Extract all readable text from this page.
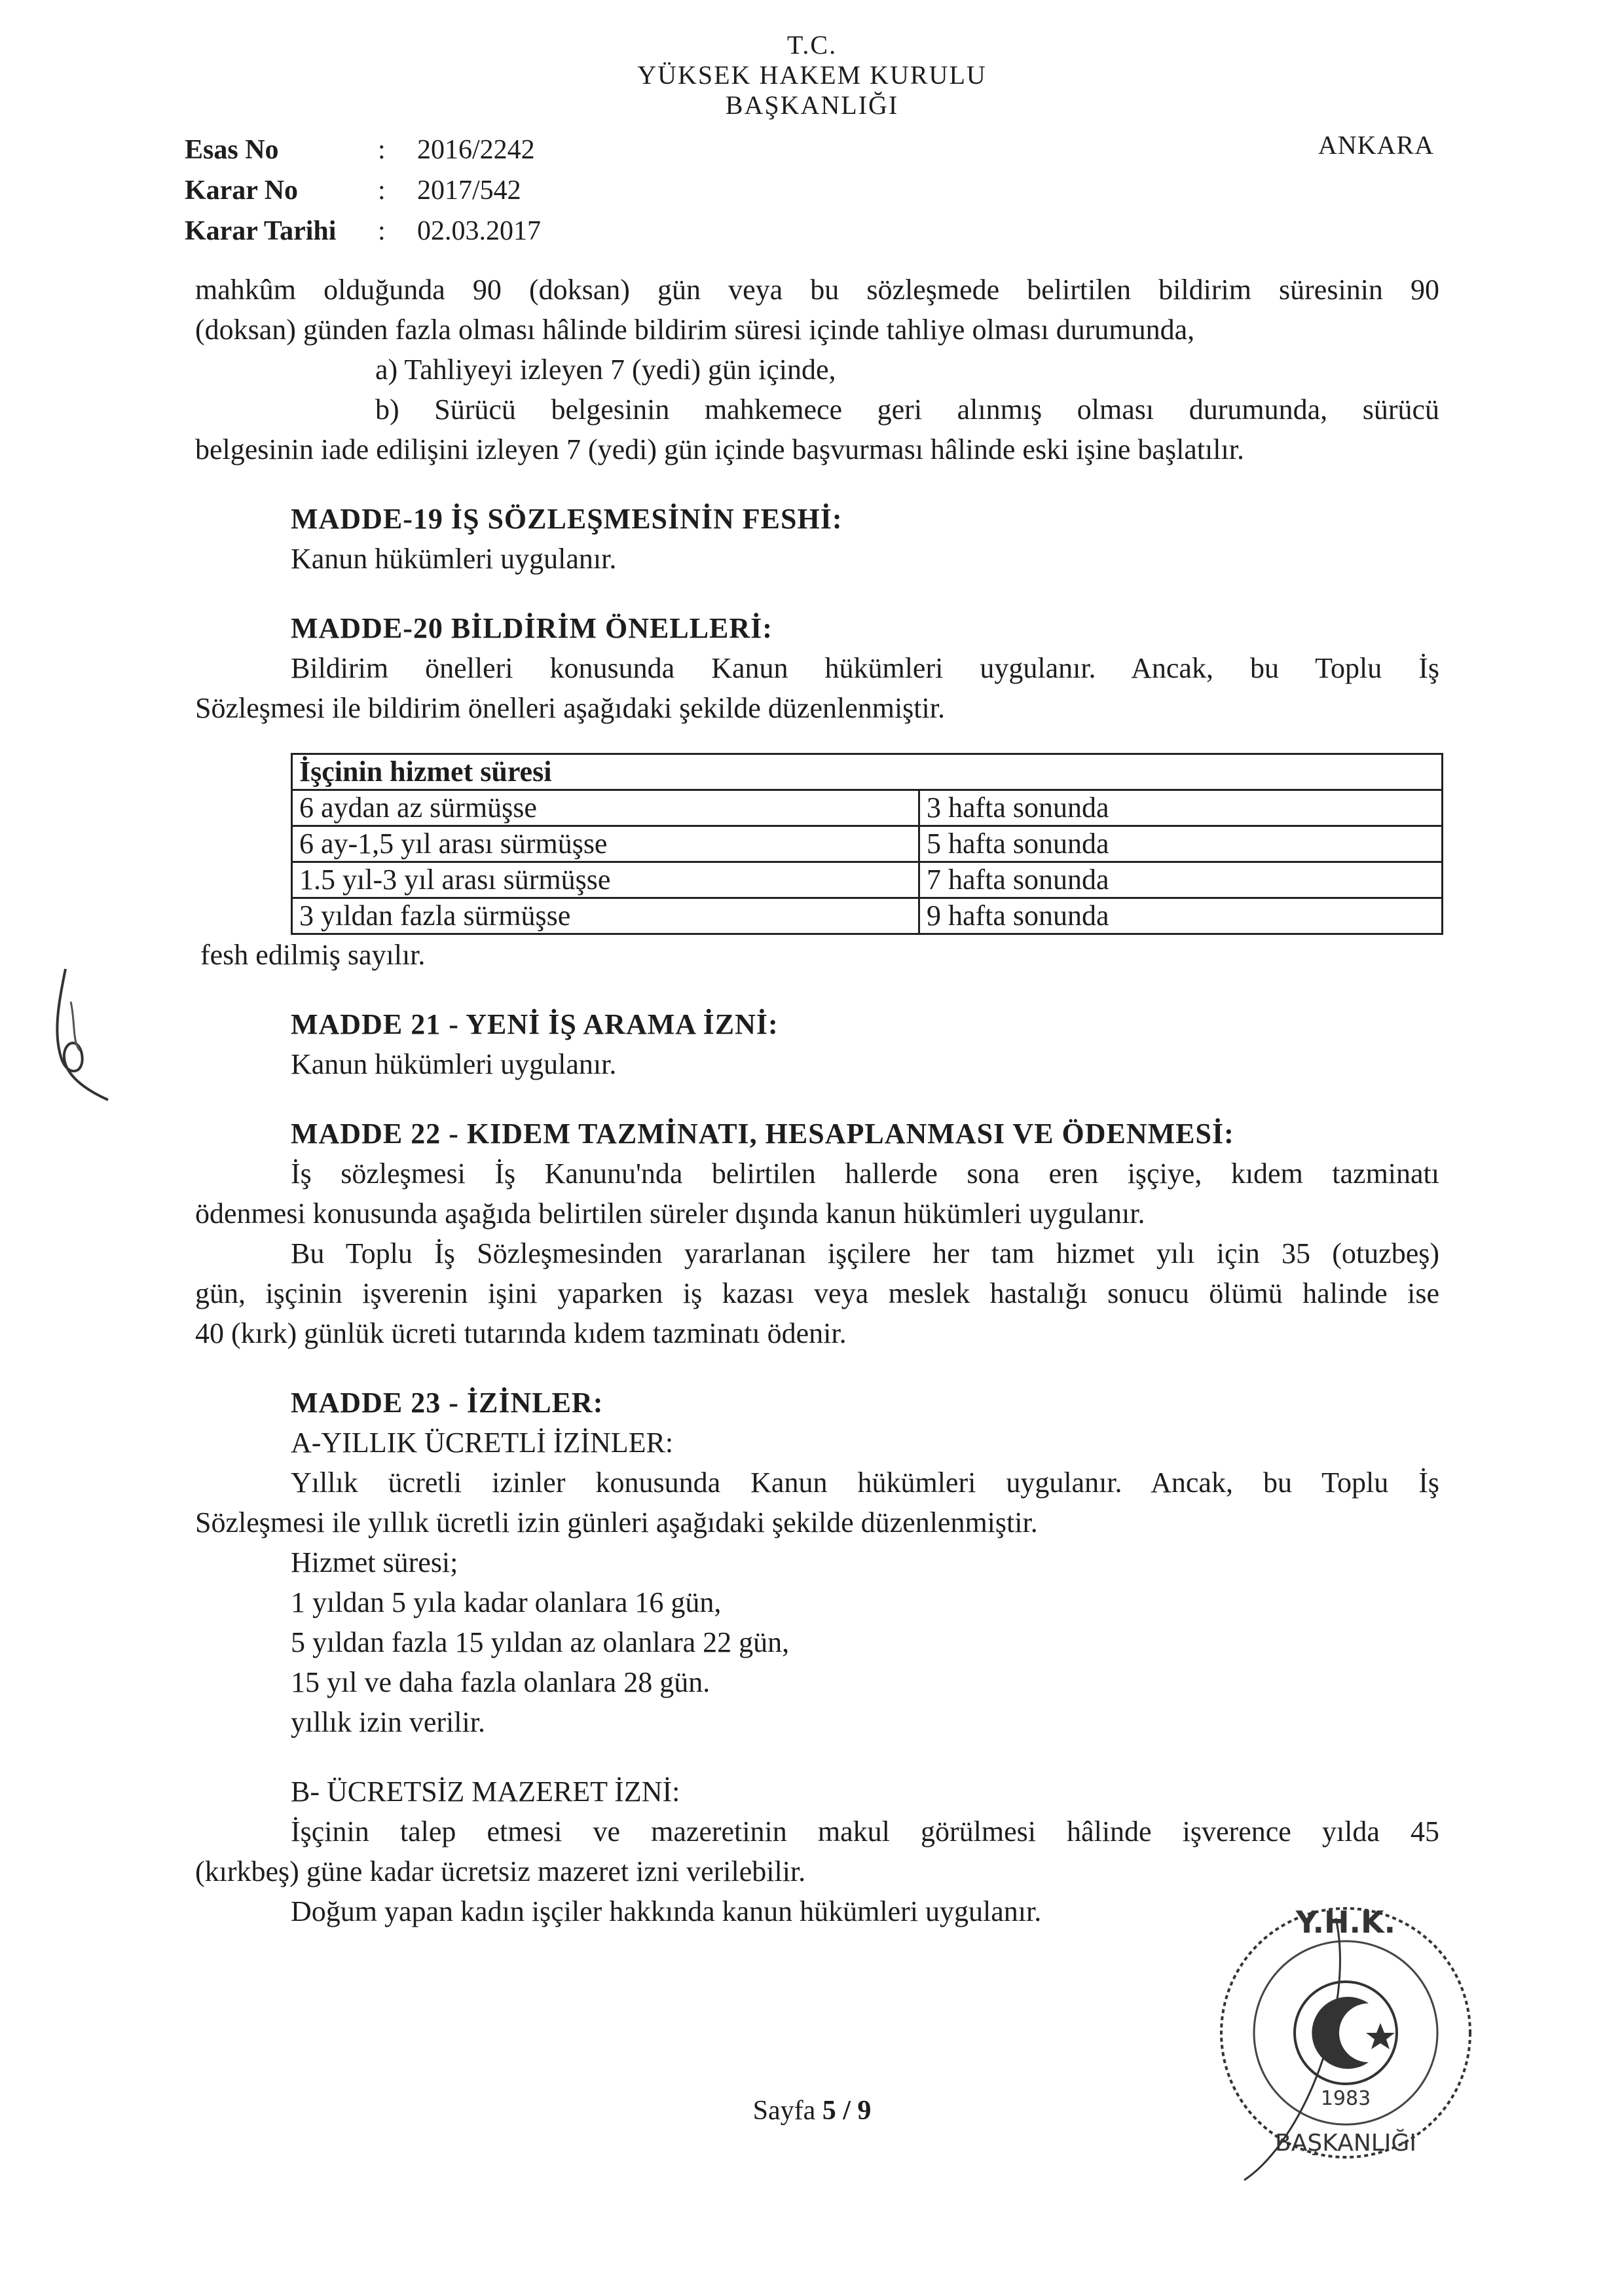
T.C.
YÜKSEK HAKEM KURULU
BAŞKANLIĞI
ANKARA
Esas No	:	2016/2242
Karar No	:	2017/542
Karar Tarihi	:	02.03.2017
mahkûm olduğunda 90 (doksan) gün veya bu sözleşmede belirtilen bildirim süresinin 90
(doksan) günden fazla olması hâlinde bildirim süresi içinde tahliye olması durumunda,
a) Tahliyeyi izleyen 7 (yedi) gün içinde,
b) Sürücü belgesinin mahkemece geri alınmış olması durumunda, sürücü
belgesinin iade edilişini izleyen 7 (yedi) gün içinde başvurması hâlinde eski işine başlatılır.
MADDE-19 İŞ SÖZLEŞMESİNİN FESHİ:
Kanun hükümleri uygulanır.
MADDE-20 BİLDİRİM ÖNELLERİ:
Bildirim önelleri konusunda Kanun hükümleri uygulanır. Ancak, bu Toplu İş
Sözleşmesi ile bildirim önelleri aşağıdaki şekilde düzenlenmiştir.
İşçinin hizmet süresi	
6 aydan az sürmüşse	3 hafta sonunda
6 ay-1,5 yıl arası sürmüşse	5 hafta sonunda
1.5 yıl-3 yıl arası sürmüşse	7 hafta sonunda
3 yıldan fazla sürmüşse	9 hafta sonunda
fesh edilmiş sayılır.
MADDE 21 - YENİ İŞ ARAMA İZNİ:
Kanun hükümleri uygulanır.
MADDE 22 - KIDEM TAZMİNATI, HESAPLANMASI VE ÖDENMESİ:
İş sözleşmesi İş Kanunu'nda belirtilen hallerde sona eren işçiye, kıdem tazminatı
ödenmesi konusunda aşağıda belirtilen süreler dışında kanun hükümleri uygulanır.
Bu Toplu İş Sözleşmesinden yararlanan işçilere her tam hizmet yılı için 35 (otuzbeş)
gün, işçinin işverenin işini yaparken iş kazası veya meslek hastalığı sonucu ölümü halinde ise
40 (kırk) günlük ücreti tutarında kıdem tazminatı ödenir.
MADDE 23 - İZİNLER:
A-YILLIK ÜCRETLİ İZİNLER:
Yıllık ücretli izinler konusunda Kanun hükümleri uygulanır. Ancak, bu Toplu İş
Sözleşmesi ile yıllık ücretli izin günleri aşağıdaki şekilde düzenlenmiştir.
Hizmet süresi;
1 yıldan 5 yıla kadar olanlara 16 gün,
5 yıldan fazla 15 yıldan az olanlara 22 gün,
15 yıl ve daha fazla olanlara 28 gün.
yıllık izin verilir.
B- ÜCRETSİZ MAZERET İZNİ:
İşçinin talep etmesi ve mazeretinin makul görülmesi hâlinde işverence yılda 45
(kırkbeş) güne kadar ücretsiz mazeret izni verilebilir.
Doğum yapan kadın işçiler hakkında kanun hükümleri uygulanır.	Y.H.K.
BAŞKANLIĞI
1983
Sayfa 5 / 9
